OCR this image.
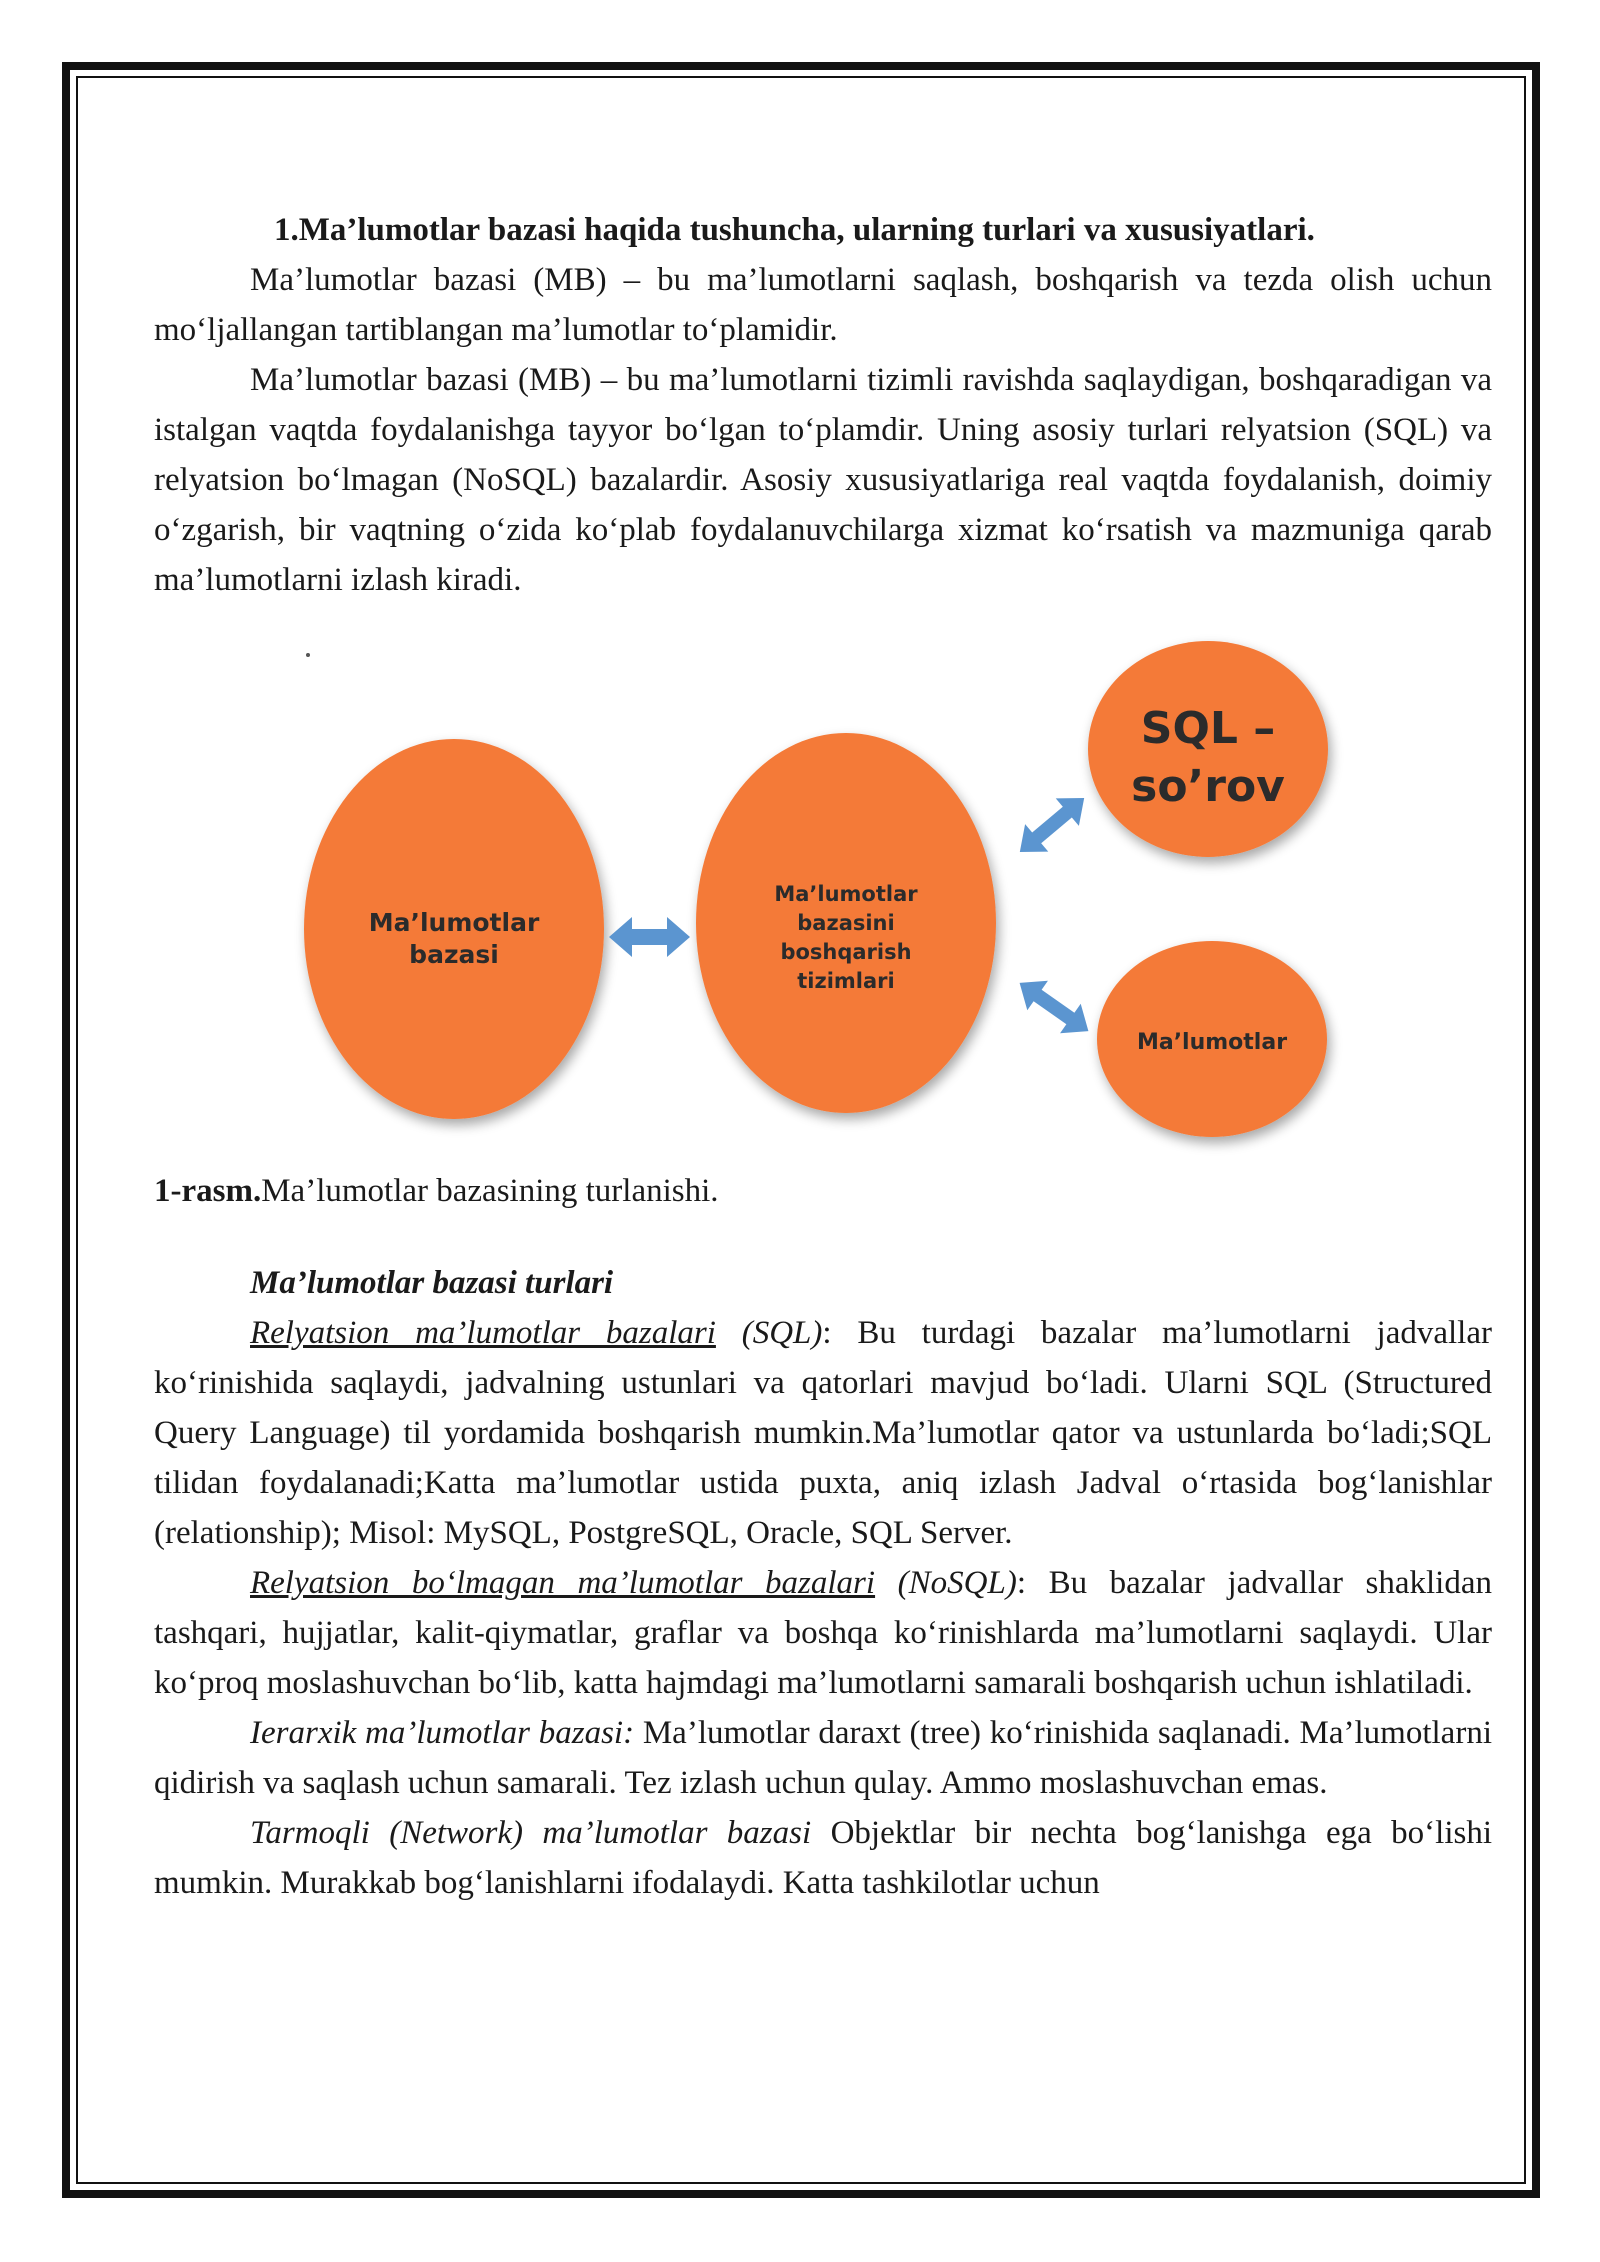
1.Ma’lumotlar bazasi haqida tushuncha, ularning turlari va xususiyatlari.

Ma’lumotlar bazasi (MB) – bu ma’lumotlarni saqlash, boshqarish va tezda olish uchun mo‘ljallangan tartiblangan ma’lumotlar to‘plamidir.

Ma’lumotlar bazasi (MB) – bu ma’lumotlarni tizimli ravishda saqlaydigan, boshqaradigan va istalgan vaqtda foydalanishga tayyor bo‘lgan to‘plamdir. Uning asosiy turlari relyatsion (SQL) va relyatsion bo‘lmagan (NoSQL) bazalardir. Asosiy xususiyatlariga real vaqtda foydalanish, doimiy o‘zgarish, bir vaqtning o‘zida ko‘plab foydalanuvchilarga xizmat ko‘rsatish va mazmuniga qarab ma’lumotlarni izlash kiradi.

Ma’lumotlar
bazasi
Ma’lumotlar
bazasini
boshqarish
tizimlari
SQL –
so’rov
Ma’lumotlar

1-rasm.Ma’lumotlar bazasining turlanishi.

Ma’lumotlar bazasi turlari

Relyatsion ma’lumotlar bazalari (SQL): Bu turdagi bazalar ma’lumotlarni jadvallar ko‘rinishida saqlaydi, jadvalning ustunlari va qatorlari mavjud bo‘ladi. Ularni SQL (Structured Query Language) til yordamida boshqarish mumkin.Ma’lumotlar qator va ustunlarda bo‘ladi;SQL tilidan foydalanadi;Katta ma’lumotlar ustida puxta, aniq izlash Jadval o‘rtasida bog‘lanishlar (relationship); Misol: MySQL, PostgreSQL, Oracle, SQL Server.

Relyatsion bo‘lmagan ma’lumotlar bazalari (NoSQL): Bu bazalar jadvallar shaklidan tashqari, hujjatlar, kalit-qiymatlar, graflar va boshqa ko‘rinishlarda ma’lumotlarni saqlaydi. Ular ko‘proq moslashuvchan bo‘lib, katta hajmdagi ma’lumotlarni samarali boshqarish uchun ishlatiladi.

Ierarxik ma’lumotlar bazasi: Ma’lumotlar daraxt (tree) ko‘rinishida saqlanadi. Ma’lumotlarni qidirish va saqlash uchun samarali. Tez izlash uchun qulay. Ammo moslashuvchan emas.

Tarmoqli (Network) ma’lumotlar bazasi Objektlar bir nechta bog‘lanishga ega bo‘lishi mumkin. Murakkab bog‘lanishlarni ifodalaydi. Katta tashkilotlar uchun
